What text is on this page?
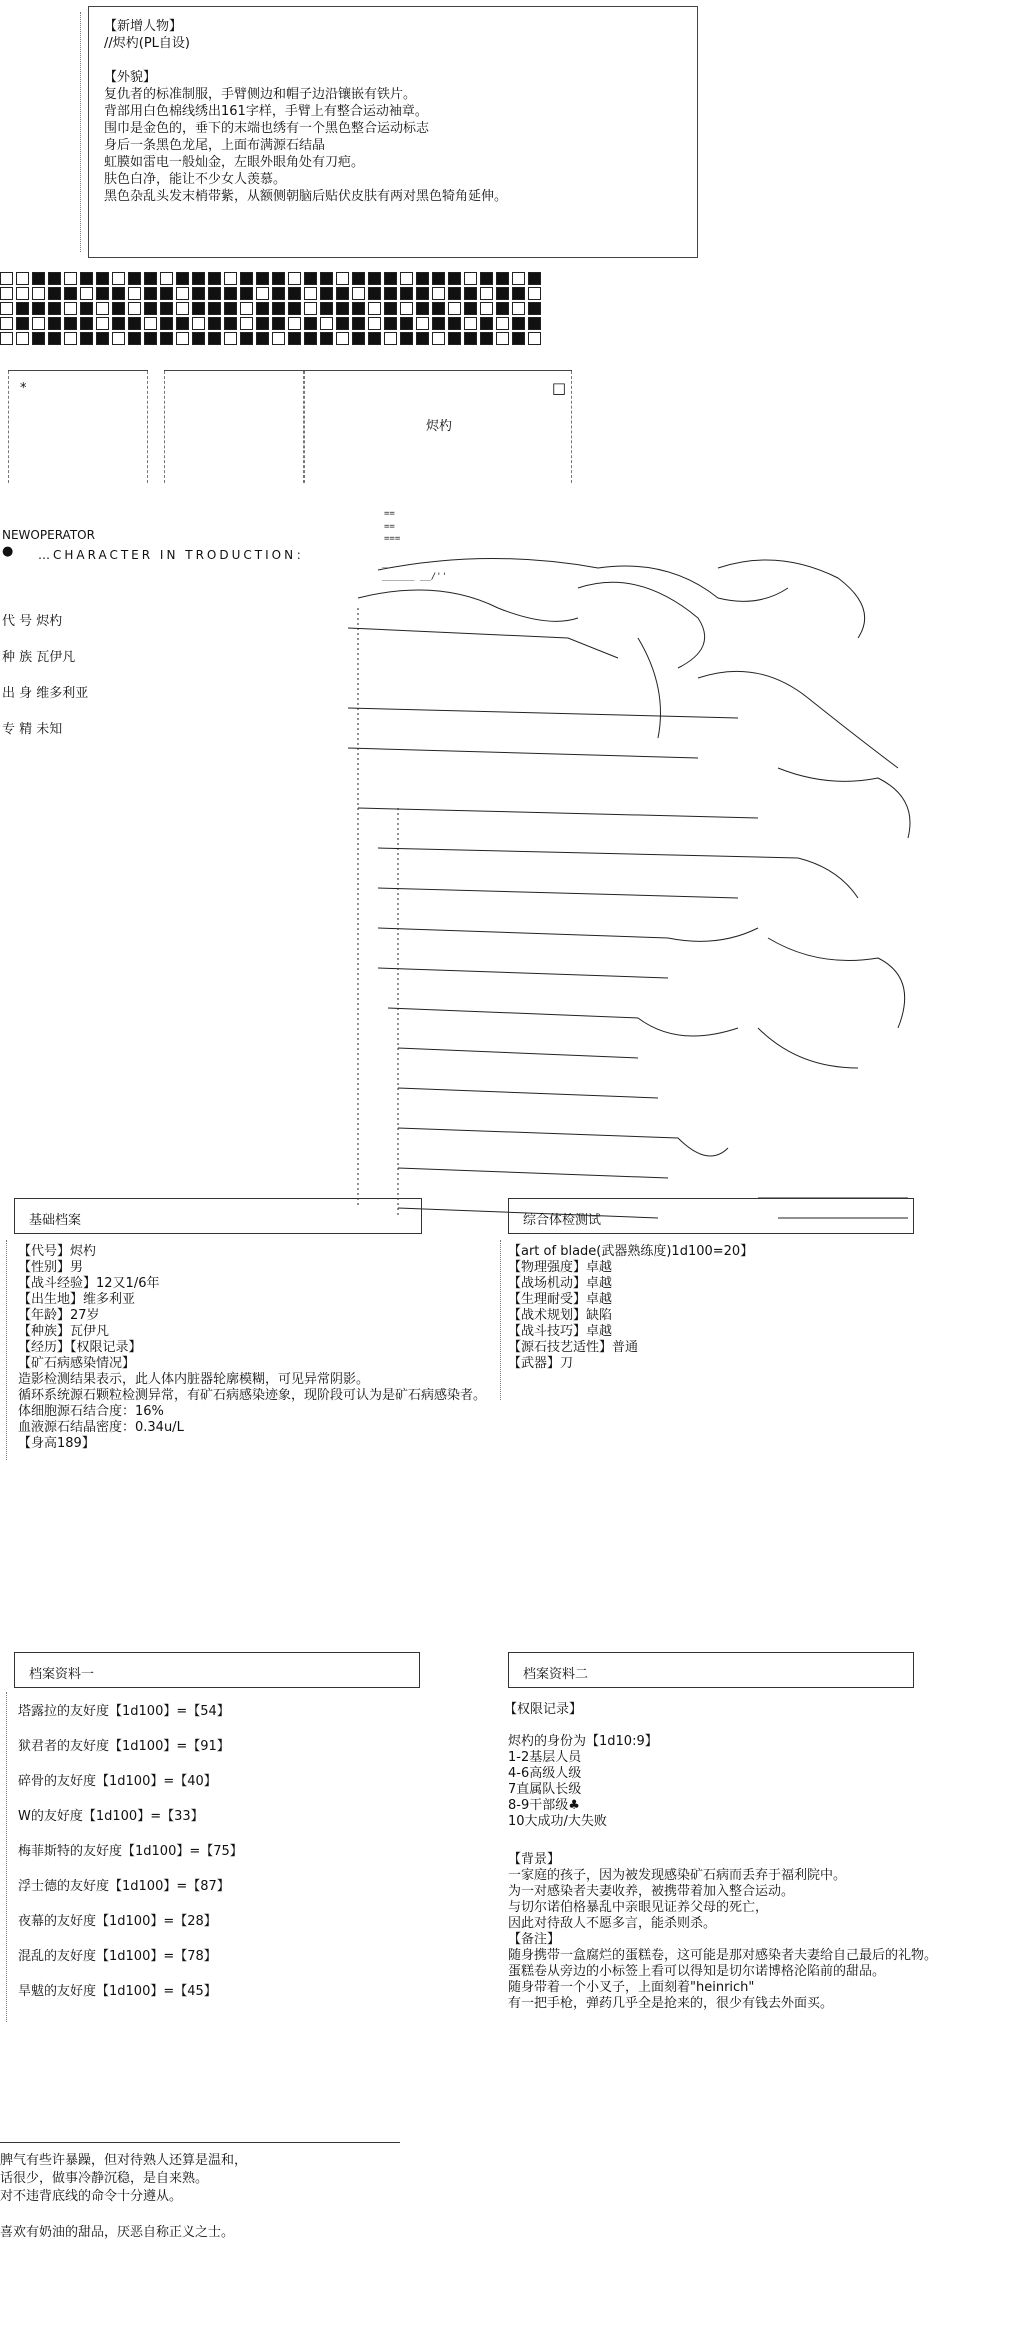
【新增人物】
//烬杓(PL自设)

【外貌】
复仇者的标准制服，手臂侧边和帽子边沿镶嵌有铁片。
背部用白色棉线绣出161字样，手臂上有整合运动袖章。
围巾是金色的，垂下的末端也绣有一个黑色整合运动标志
身后一条黑色龙尾，上面布满源石结晶
虹膜如雷电一般灿金，左眼外眼角处有刀疤。
肤色白净，能让不少女人羡慕。
黑色杂乱头发末梢带紫，从额侧朝脑后贴伏皮肤有两对黑色犄角延伸。
*
烬杓
□
NEWOPERATOR
● …CHARACTER IN TRODUCTION：
代 号 烬杓
种 族 瓦伊凡
出 身 维多利亚
专 精 未知

==
==
===
__
______ __/''

基础档案
【代号】烬杓
【性别】男
【战斗经验】12又1/6年
【出生地】维多利亚
【年龄】27岁
【种族】瓦伊凡
【经历】【权限记录】
【矿石病感染情况】
造影检测结果表示，此人体内脏器轮廓模糊，可见异常阴影。
循环系统源石颗粒检测异常，有矿石病感染迹象，现阶段可认为是矿石病感染者。
体细胞源石结合度：16%
血液源石结晶密度：0.34u/L
【身高189】
综合体检测试
【art of blade(武器熟练度)1d100=20】
【物理强度】卓越
【战场机动】卓越
【生理耐受】卓越
【战术规划】缺陷
【战斗技巧】卓越
【源石技艺适性】普通
【武器】刀
档案资料一
塔露拉的友好度【1d100】=【54】
狱君者的友好度【1d100】=【91】
碎骨的友好度【1d100】=【40】
W的友好度【1d100】=【33】
梅菲斯特的友好度【1d100】=【75】
浮士德的友好度【1d100】=【87】
夜幕的友好度【1d100】=【28】
混乱的友好度【1d100】=【78】
旱魃的友好度【1d100】=【45】
档案资料二
【权限记录】
烬杓的身份为【1d10:9】
1-2基层人员
4-6高级人级
7直属队长级
8-9干部级♣
10大成功/大失败
【背景】
一家庭的孩子，因为被发现感染矿石病而丢弃于福利院中。
为一对感染者夫妻收养，被携带着加入整合运动。
与切尔诺伯格暴乱中亲眼见证养父母的死亡，
因此对待敌人不愿多言，能杀则杀。
【备注】
随身携带一盒腐烂的蛋糕卷，这可能是那对感染者夫妻给自己最后的礼物。
蛋糕卷从旁边的小标签上看可以得知是切尔诺博格沦陷前的甜品。
随身带着一个小叉子，上面刻着"heinrich"
有一把手枪，弹药几乎全是抢来的，很少有钱去外面买。
脾气有些许暴躁，但对待熟人还算是温和，
话很少，做事冷静沉稳，是自来熟。
对不违背底线的命令十分遵从。

喜欢有奶油的甜品，厌恶自称正义之士。
